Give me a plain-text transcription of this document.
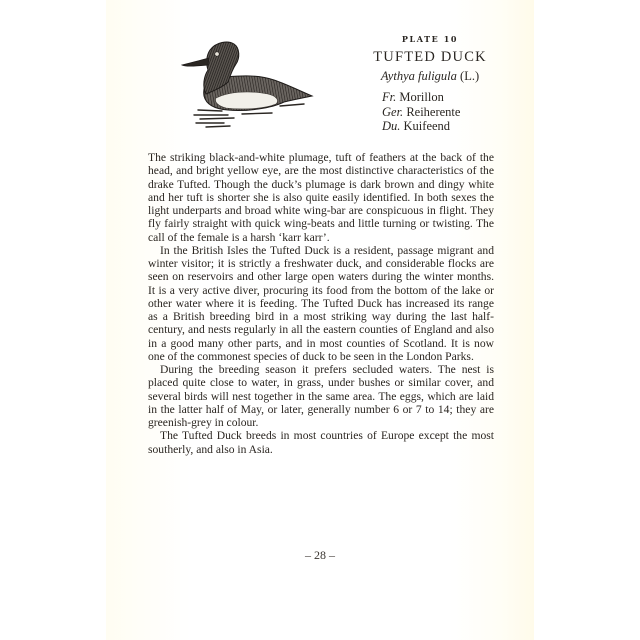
PLATE 10
TUFTED DUCK
Aythya fuligula (L.)
Fr. Morillon
Ger. Reiherente
Du. Kuifeend

The striking black-and-white plumage, tuft of feathers at the back of the head, and bright yellow eye, are the most distinctive characteristics of the drake Tufted. Though the duck’s plumage is dark brown and dingy white and her tuft is shorter she is also quite easily identified. In both sexes the light underparts and broad white wing-bar are conspicuous in flight. They fly fairly straight with quick wing-beats and little turning or twisting. The call of the female is a harsh ‘karr karr’.

In the British Isles the Tufted Duck is a resident, passage migrant and winter visitor; it is strictly a freshwater duck, and considerable flocks are seen on reservoirs and other large open waters during the winter months. It is a very active diver, procuring its food from the bottom of the lake or other water where it is feeding. The Tufted Duck has increased its range as a British breeding bird in a most striking way during the last half-century, and nests regularly in all the eastern counties of England and also in a good many other parts, and in most counties of Scotland. It is now one of the commonest species of duck to be seen in the London Parks.

During the breeding season it prefers secluded waters. The nest is placed quite close to water, in grass, under bushes or similar cover, and several birds will nest together in the same area. The eggs, which are laid in the latter half of May, or later, generally number 6 or 7 to 14; they are greenish-grey in colour.

The Tufted Duck breeds in most countries of Europe except the most southerly, and also in Asia.

– 28 –
